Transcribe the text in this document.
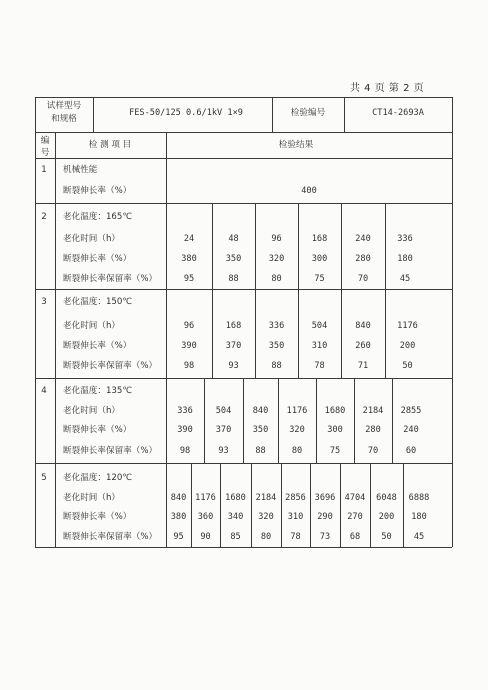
共 4 页 第 2 页
试样型号
和规格
FES-50/125 0.6/1kV 1×9	检验编号	CT14-2693A
编
号
检 测 项 目	检验结果
1 机械性能
断裂伸长率（%）	400
2 老化温度：165℃
老化时间（h）	24	48	96	168	240	336
断裂伸长率（%）	380	350	320	300	280	180
断裂伸长率保留率（%）	95	88	80	75	70	45
3 老化温度：150℃
老化时间（h）	96	168	336	504	840	1176
断裂伸长率（%）	390	370	350	310	260	200
断裂伸长率保留率（%）	98	93	88	78	71	50
4 老化温度：135℃
老化时间（h）	336	504 840 1176 1680 2184 2855
断裂伸长率（%）	390	370 350 320	300	280	240
断裂伸长率保留率（%）	98	93	88	80	75	70	60
5 老化温度：120℃
老化时间（h）	840 1176 1680 2184 2856 3696 4704 6048 6888
断裂伸长率（%）	380 360 340 320 310 290 270 200 180
断裂伸长率保留率（%） 95 90 85 80 78 73 68 50	45
